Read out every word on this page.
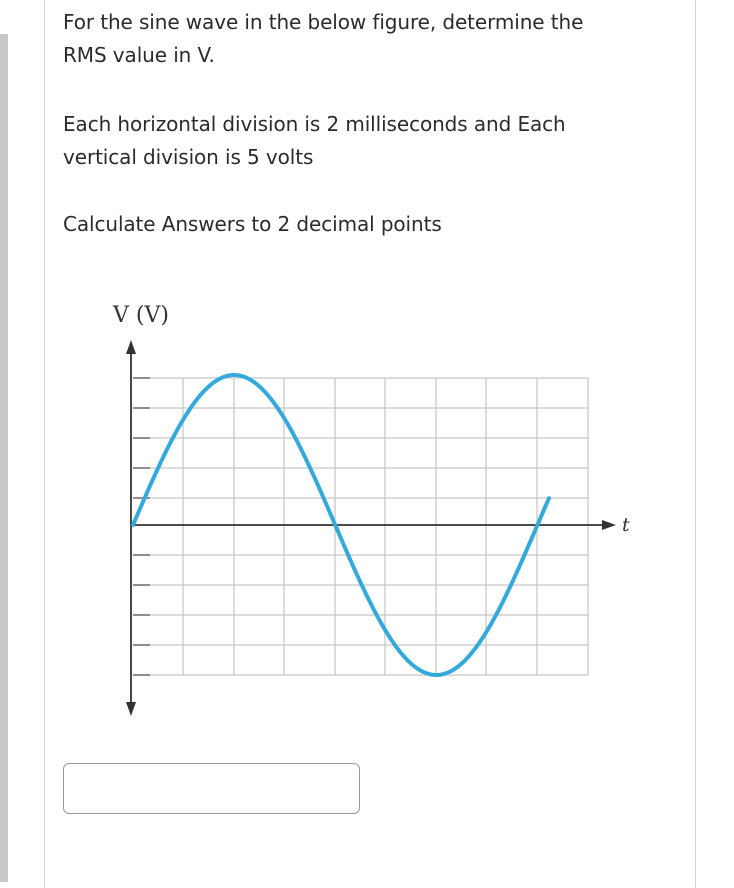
For the sine wave in the below figure, determine the
RMS value in V.
Each horizontal division is 2 milliseconds and Each
vertical division is 5 volts
Calculate Answers to 2 decimal points
V (V)
t
